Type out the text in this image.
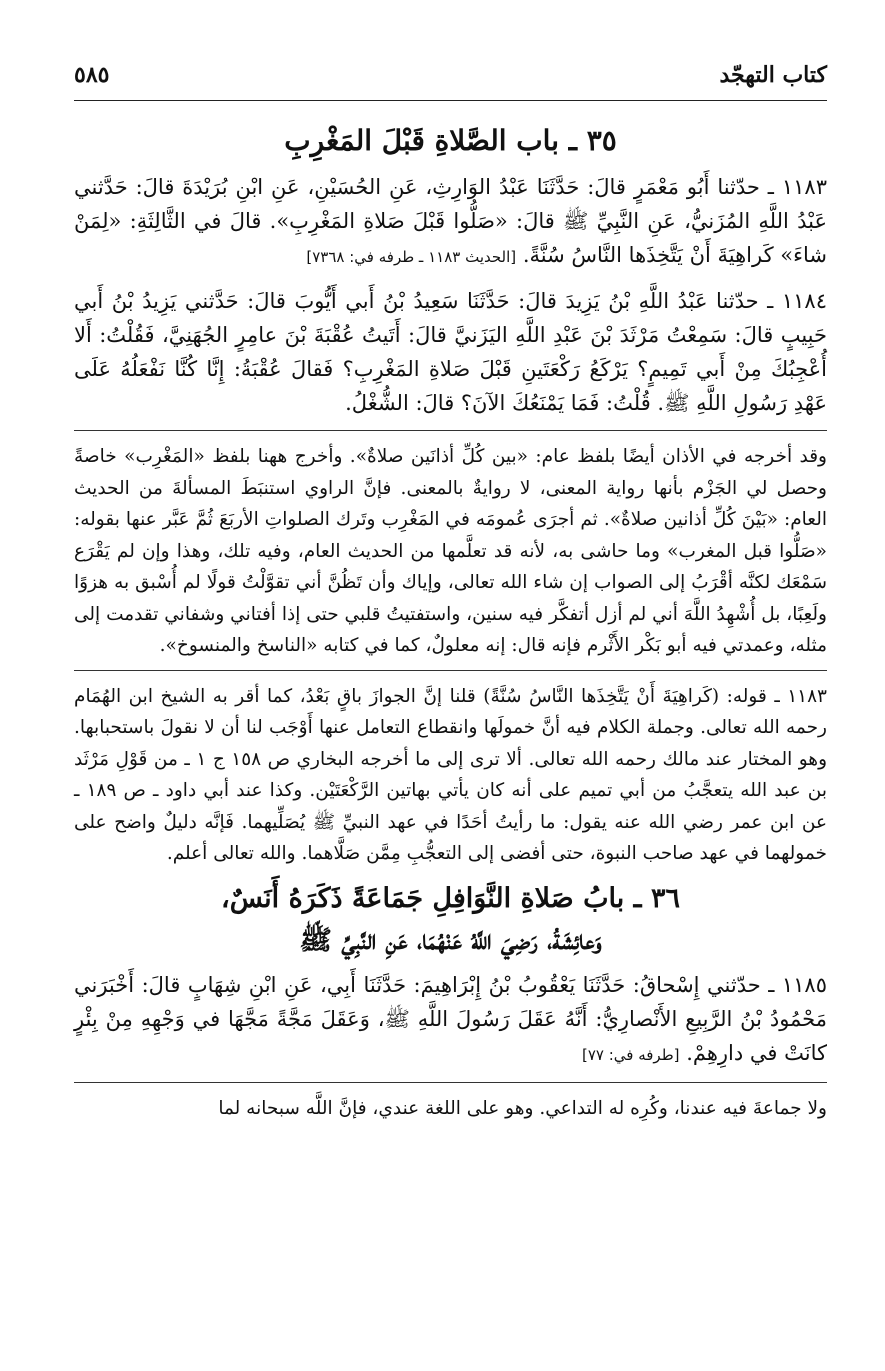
كتاب التهجّد
٥٨٥
٣٥ ـ باب الصَّلاةِ قَبْلَ المَغْرِبِ
١١٨٣ ـ حدّثنا أَبُو مَعْمَرٍ قالَ: حَدَّثَنَا عَبْدُ الوَارِثِ، عَنِ الحُسَيْنِ، عَنِ ابْنِ بُرَيْدَةَ قالَ: حَدَّثني عَبْدُ اللَّهِ المُزَنيُّ، عَنِ النَّبِيِّ ﷺ قالَ: «صَلُّوا قَبْلَ صَلاةِ المَغْرِبِ». قالَ في الثَّالِثَةِ: «لِمَنْ شاءَ» كَراهِيَةَ أَنْ يَتَّخِذَها النَّاسُ سُنَّةً. [الحديث ١١٨٣ ـ طرفه في: ٧٣٦٨]
١١٨٤ ـ حدّثنا عَبْدُ اللَّهِ بْنُ يَزِيدَ قالَ: حَدَّثَنَا سَعِيدُ بْنُ أَبي أَيُّوبَ قالَ: حَدَّثني يَزِيدُ بْنُ أَبي حَبِيبٍ قالَ: سَمِعْتُ مَرْثَدَ بْنَ عَبْدِ اللَّهِ اليَزَنيَّ قالَ: أَتَيتُ عُقْبَةَ بْنَ عامِرٍ الجُهَنِيَّ، فَقُلْتُ: أَلا أُعْجِبُكَ مِنْ أَبي تَمِيمٍ؟ يَرْكَعُ رَكْعَتَينِ قَبْلَ صَلاةِ المَغْرِبِ؟ فَقالَ عُقْبَةُ: إِنَّا كُنَّا نَفْعَلُهُ عَلَى عَهْدِ رَسُولِ اللَّهِ ﷺ. قُلْتُ: فَمَا يَمْنَعُكَ الآنَ؟ قالَ: الشُّغْلُ.

وقد أخرجه في الأذان أيضًا بلفظ عام: «بين كُلِّ أذانَين صلاةٌ». وأخرج ههنا بلفظ «المَغْرِب» خاصةً وحصل لي الجَزْم بأنها رواية المعنى، لا روايةٌ بالمعنى. فإنَّ الراوي استنبَطَ المسألةَ من الحديث العام: «بَيْنَ كُلِّ أذانين صلاةٌ». ثم أجرَى عُمومَه في المَغْرِب وتَرك الصلواتِ الأربَعَ ثُمَّ عَبَّر عنها بقوله: «صَلُّوا قبل المغرب» وما حاشى به، لأنه قد تعلَّمها من الحديث العام، وفيه تلك، وهذا وإن لم يَقْرَع سَمْعَك لكنَّه أقْرَبُ إلى الصواب إن شاء الله تعالى، وإياك وأن تَظُنَّ أني تقوَّلْتُ قولًا لم أُسْبق به هزوًا ولَعِبًا، بل أُشْهِدُ اللَّهَ أني لم أزل أتفكَّر فيه سنين، واستفتيتُ قلبي حتى إذا أفتاني وشفاني تقدمت إلى مثله، وعمدتي فيه أبو بَكْر الأَثْرم فإنه قال: إنه معلولٌ، كما في كتابه «الناسخ والمنسوخ».

١١٨٣ ـ قوله: (كَراهِيَةَ أَنْ يَتَّخِذَها النَّاسُ سُنَّةً) قلنا إنَّ الجوازَ باقٍ بَعْدُ، كما أقر به الشيخ ابن الهُمَام رحمه الله تعالى. وجملة الكلام فيه أنَّ خمولَها وانقطاع التعامل عنها أَوْجَب لنا أن لا نقولَ باستحبابها. وهو المختار عند مالك رحمه الله تعالى. ألا ترى إلى ما أخرجه البخاري ص ١٥٨ ج ١ ـ من قَوْلِ مَرْثَد بن عبد الله يتعجَّبُ من أبي تميم على أنه كان يأتي بهاتين الرَّكْعَتَيْن. وكذا عند أبي داود ـ ص ١٨٩ ـ عن ابن عمر رضي الله عنه يقول: ما رأيتُ أحَدًا في عهد النبيِّ ﷺ يُصَلِّيهما. فَإنَّه دليلٌ واضح على خمولهما في عهد صاحب النبوة، حتى أفضى إلى التعجُّبِ مِمَّن صَلَّاهما. والله تعالى أعلم.

٣٦ ـ بابُ صَلاةِ النَّوَافِلِ جَمَاعَةً ذَكَرَهُ أَنَسٌ،
وَعائِشَةُ، رَضِيَ اللَّهُ عَنْهُمَا، عَنِ النَّبِيِّ ﷺ
١١٨٥ ـ حدّثني إِسْحاقُ: حَدَّثَنَا يَعْقُوبُ بْنُ إِبْرَاهِيمَ: حَدَّثَنَا أَبِي، عَنِ ابْنِ شِهَابٍ قالَ: أَخْبَرَني مَحْمُودُ بْنُ الرَّبِيعِ الأَنْصارِيُّ: أَنَّهُ عَقَلَ رَسُولَ اللَّهِ ﷺ، وَعَقَلَ مَجَّةً مَجَّهَا في وَجْهِهِ مِنْ بِئْرٍ كانَتْ في دارِهِمْ. [طرفه في: ٧٧]

ولا جماعةَ فيه عندنا، وكُرِه له التداعي. وهو على اللغة عندي، فإنَّ اللَّه سبحانه لما
